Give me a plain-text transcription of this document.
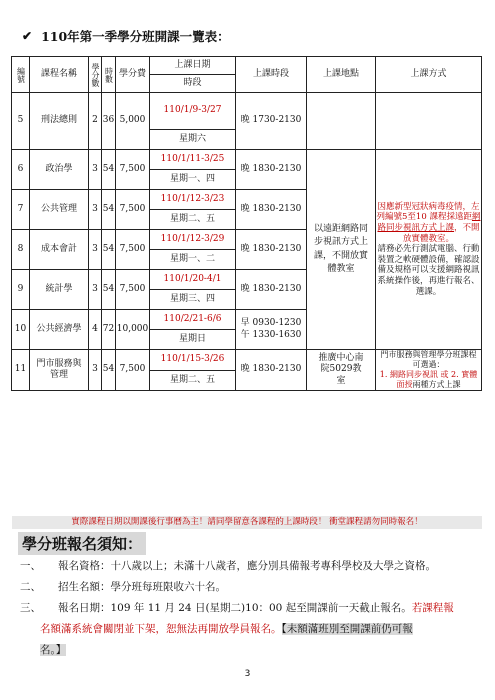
✔ 110年第一季學分班開課一覽表：
編號	課程名稱	學分數	時數	學分費	上課日期	上課時段	上課地點	上課方式
					時段			
5	刑法總則	2	36	5,000	110/1/9-3/27	晚 1730-2130		
					星期六			
6	政治學	3	54	7,500	110/1/11-3/25	晚 1830-2130	以遠距網路同步視訊方式上課，不開放實體教室	因應新型冠狀病毒疫情，左列編號5至10 課程採遠距網路同步視訊方式上課，不開放實體教室。
請務必先行測試電腦、行動裝置之軟硬體設備，確認設備及規格可以支援網路視訊系統操作後，再進行報名、選課。
					星期一、四			
7	公共管理	3	54	7,500	110/1/12-3/23	晚 1830-2130		
					星期二、五			
8	成本會計	3	54	7,500	110/1/12-3/29	晚 1830-2130		
					星期一、二			
9	統計學	3	54	7,500	110/1/20-4/1	晚 1830-2130		
					星期三、四			
10	公共經濟學	4	72	10,000	110/2/21-6/6	早 0930-1230
午 1330-1630		
					星期日			
11	門市服務與管理	3	54	7,500	110/1/15-3/26	晚 1830-2130	推廣中心南院5029教室	門市服務與管理學分班課程可選過：
1. 網路同步視訊 或 2. 實體面授兩種方式上課
					星期二、五			
實際課程日期以開課後行事曆為主！請同學留意各課程的上課時段！ 衝堂課程請勿同時報名！
學分班報名須知：
一、 報名資格：十八歲以上；未滿十八歲者，應分別具備報考專科學校及大學之資格。
二、 招生名額：學分班每班限收六十名。
三、 報名日期：109 年 11 月 24 日(星期二)10：00 起至開課前一天截止報名。若課程報
名額滿系統會關閉並下架，恕無法再開放學員報名。【未額滿班別至開課前仍可報
名。】
3
